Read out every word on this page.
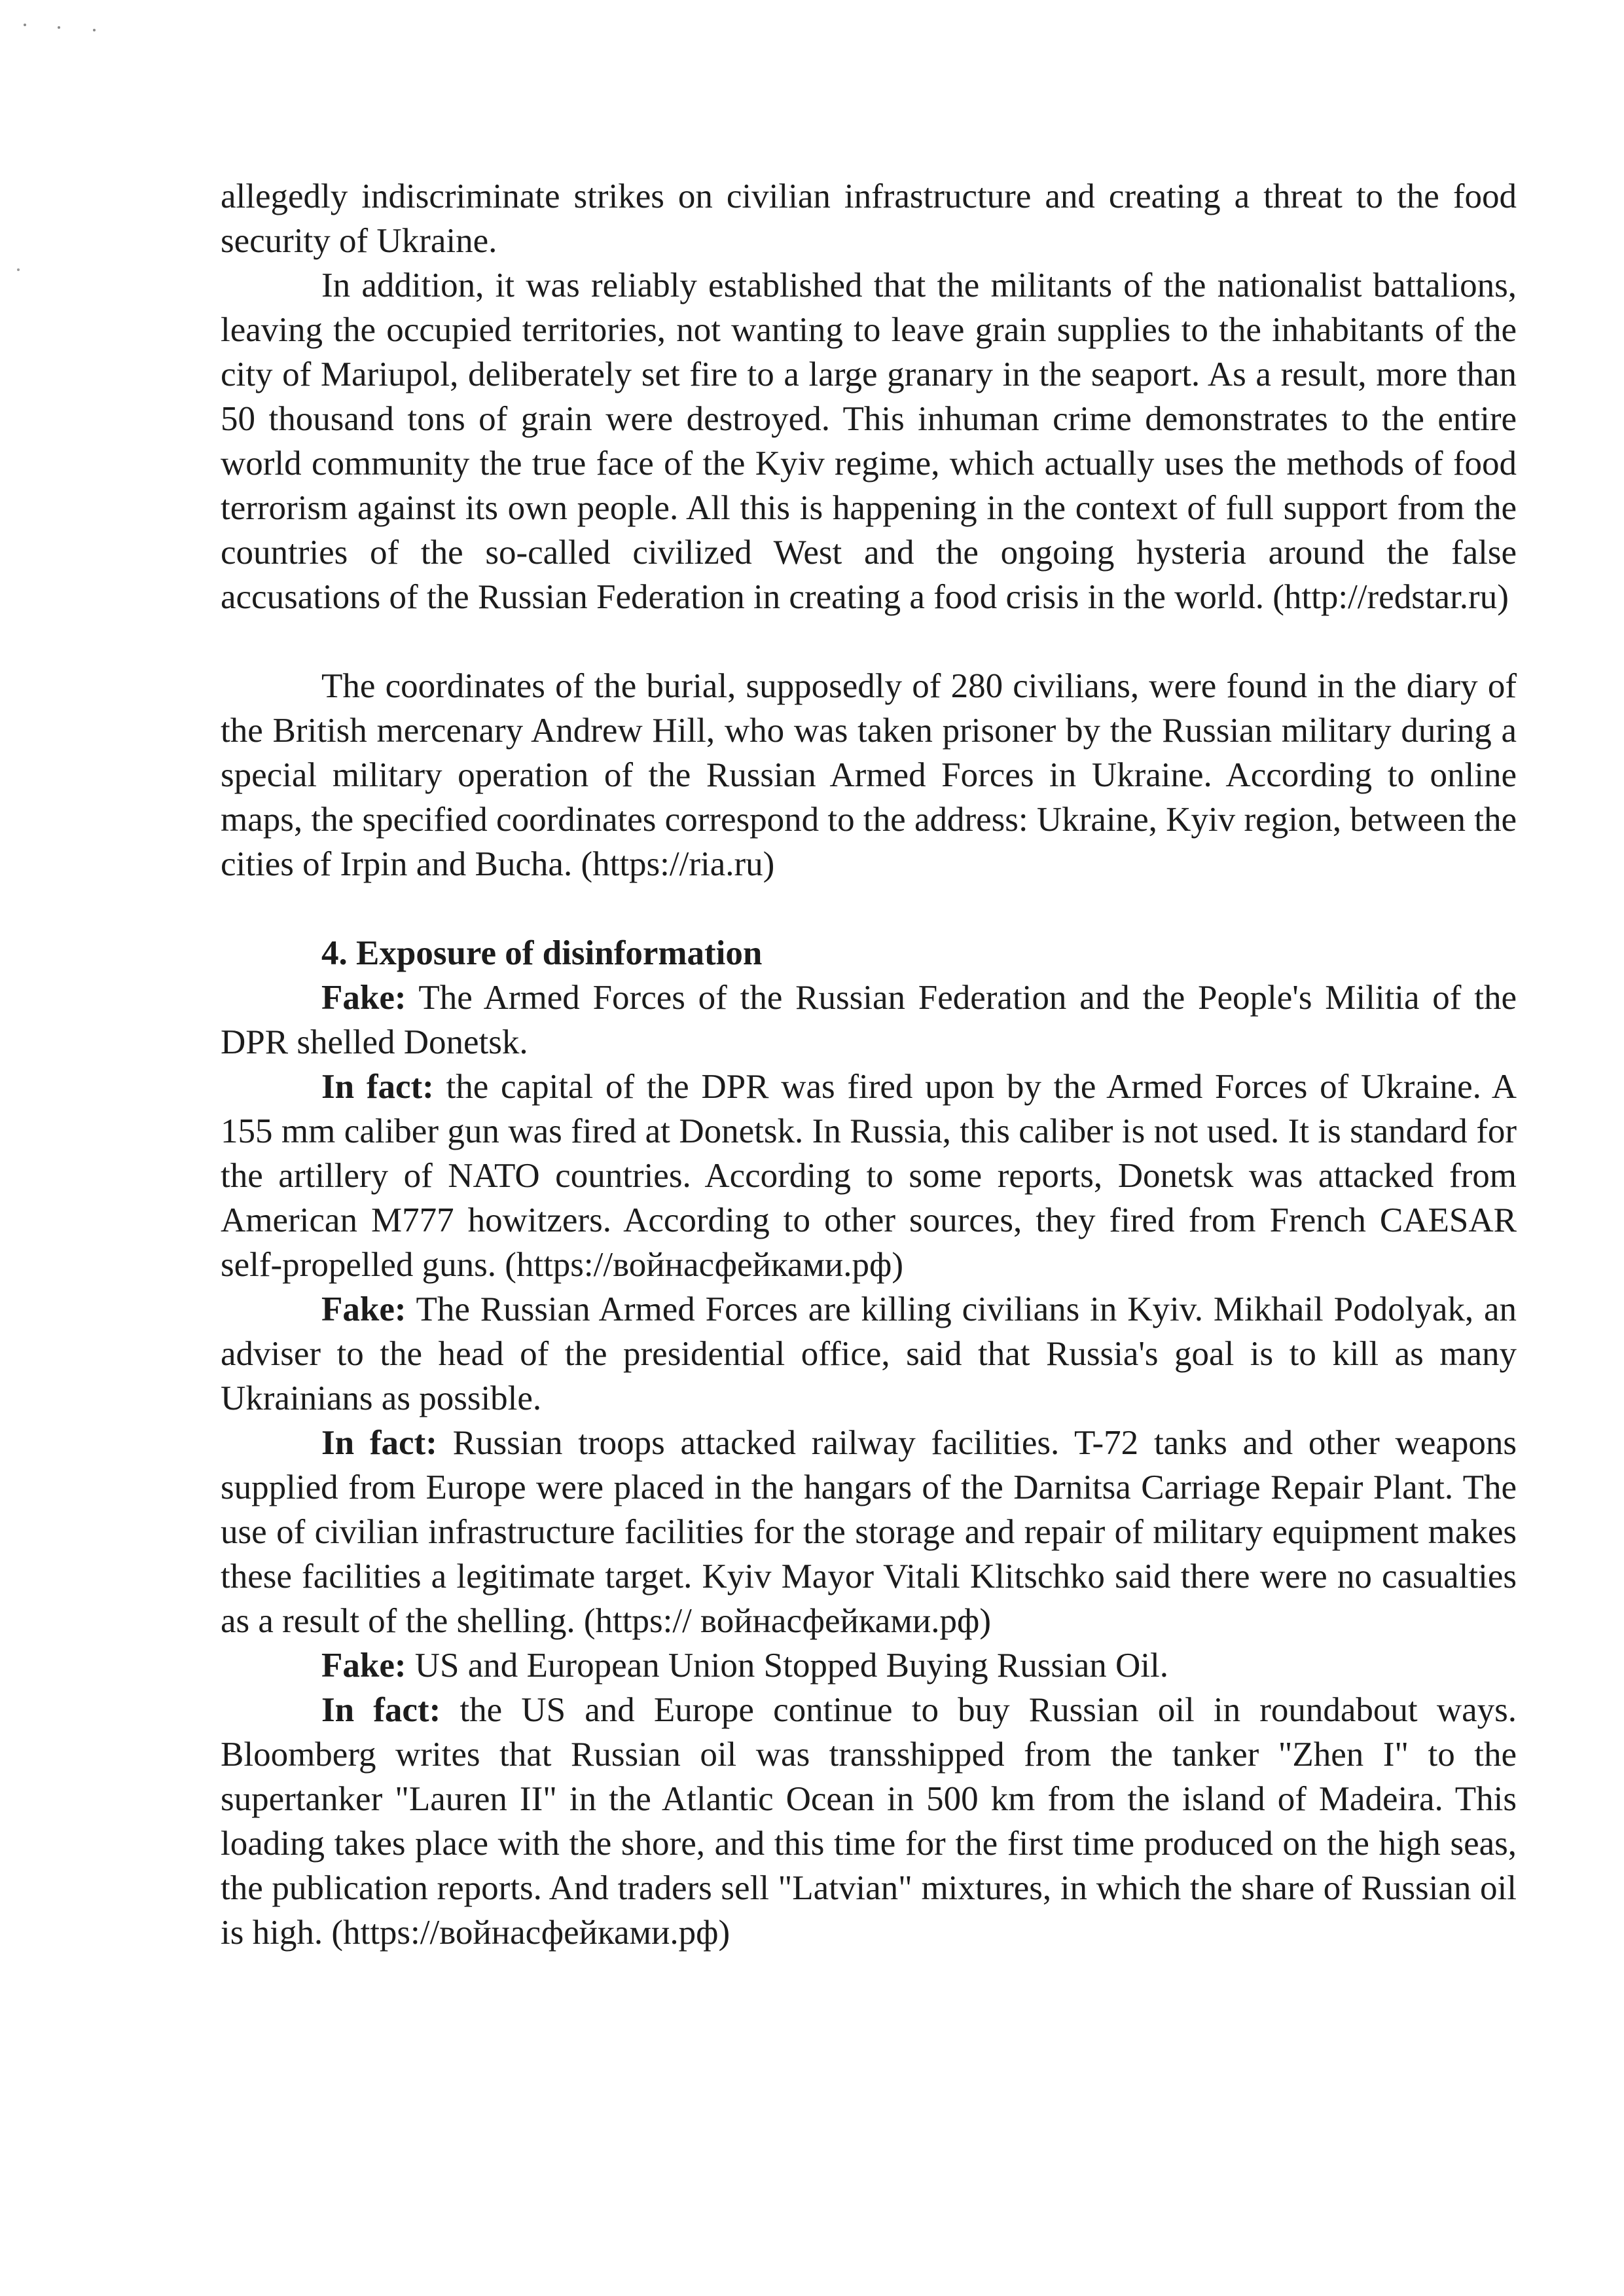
allegedly indiscriminate strikes on civilian infrastructure and creating a threat to the food security of Ukraine.

In addition, it was reliably established that the militants of the nationalist battalions, leaving the occupied territories, not wanting to leave grain supplies to the inhabitants of the city of Mariupol, deliberately set fire to a large granary in the seaport. As a result, more than 50 thousand tons of grain were destroyed. This inhuman crime demonstrates to the entire world community the true face of the Kyiv regime, which actually uses the methods of food terrorism against its own people. All this is happening in the context of full support from the countries of the so-called civilized West and the ongoing hysteria around the false accusations of the Russian Federation in creating a food crisis in the world. (http://redstar.ru)

The coordinates of the burial, supposedly of 280 civilians, were found in the diary of the British mercenary Andrew Hill, who was taken prisoner by the Russian military during a special military operation of the Russian Armed Forces in Ukraine. According to online maps, the specified coordinates correspond to the address: Ukraine, Kyiv region, between the cities of Irpin and Bucha. (https://ria.ru)

4. Exposure of disinformation

Fake: The Armed Forces of the Russian Federation and the People's Militia of the DPR shelled Donetsk.

In fact: the capital of the DPR was fired upon by the Armed Forces of Ukraine. A 155 mm caliber gun was fired at Donetsk. In Russia, this caliber is not used. It is standard for the artillery of NATO countries. According to some reports, Donetsk was attacked from American M777 howitzers. According to other sources, they fired from French CAESAR self-propelled guns. (https://войнасфейками.рф)

Fake: The Russian Armed Forces are killing civilians in Kyiv. Mikhail Podolyak, an adviser to the head of the presidential office, said that Russia's goal is to kill as many Ukrainians as possible.

In fact: Russian troops attacked railway facilities. T-72 tanks and other weapons supplied from Europe were placed in the hangars of the Darnitsa Carriage Repair Plant. The use of civilian infrastructure facilities for the storage and repair of military equipment makes these facilities a legitimate target. Kyiv Mayor Vitali Klitschko said there were no casualties as a result of the shelling. (https:// войнасфейками.рф)

Fake: US and European Union Stopped Buying Russian Oil.

In fact: the US and Europe continue to buy Russian oil in roundabout ways. Bloomberg writes that Russian oil was transshipped from the tanker "Zhen I" to the supertanker "Lauren II" in the Atlantic Ocean in 500 km from the island of Madeira. This loading takes place with the shore, and this time for the first time produced on the high seas, the publication reports. And traders sell "Latvian" mixtures, in which the share of Russian oil is high. (https://войнасфейками.рф)
